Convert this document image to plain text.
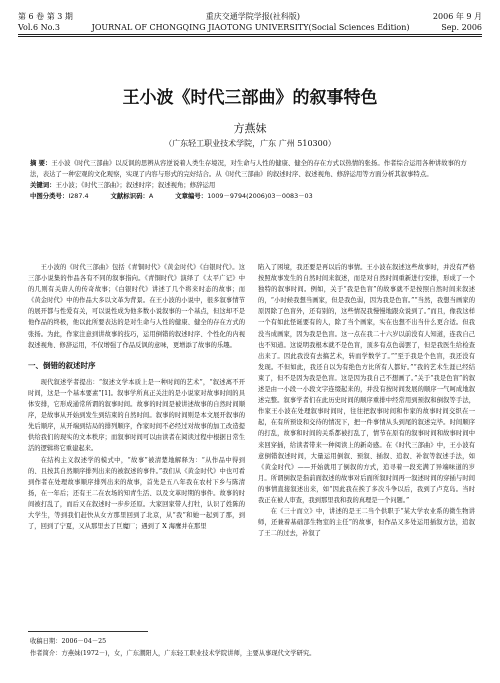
第 6 卷 第 3 期	重庆交通学院学报(社科版)	2006 年 9 月
Vol.6 No.3	JOURNAL OF CHONGQING JIAOTONG UNIVERSITY(Social Sciences Edition)	Sep. 2006
王小波《时代三部曲》的叙事特色
方燕妹
（广东轻工职业技术学院，广东 广州 510300）

摘 要：王小波《时代三部曲》以反讽的思辨从容逆说着人类生存境况，对生命与人性的健康、健全的存在方式以热情的张扬。作者综合运用各种讲故事的方法，表达了一种宏观的文化观察，实现了内容与形式的完好结合。从《时代三部曲》的叙述时序、叙述视角、修辞运用等方面分析其叙事特点。

关键词：王小波；《时代三部曲》；叙述时序；叙述视角；修辞运用

中图分类号：I287.4	文献标识码：A	文章编号：1009－9794(2006)03－0083－03

王小波的《时代三部曲》包括《青铜时代》《黄金时代》《白银时代》。这三部小说集的作品各有不同的叙事指向。《青铜时代》演绎了《太平广记》中的几则有关唐人的传奇故事；《白银时代》讲述了几个将来时态的故事；而《黄金时代》中的作品大多以文革为背景。在王小波的小说中，很多叙事情节的展开都与性爱有关，可以说性成为他多数小说叙事的一个基点，但这却不是他作品的终极，他以此所要表达的是对生命与人性的健康、健全的存在方式的张扬。为此，作家注意到讲故事的技巧，运用倒错的叙述时序、个性化的内视叙述视角、修辞运用，不仅增强了作品反讽的意味，更增添了故事的乐趣。

一、倒错的叙述时序

现代叙述学者提出：“叙述文学本质上是一种时间的艺术”，“叙述离不开时间，这是一个基本要素”[1]。叙事学所真正关注的是小说家对故事时间的具体安排，它形成通常所谓的叙事时间。故事的时间是被讲述故事的自然时间顺序，是故事从开始到发生到结束的自然时间。叙事的时间则是本文展开叙事的先后顺序，从开端到结局的排列顺序，作家时间不必经过对故事的加工改造提供给我们的现实的文本秩序；而叙事时间可以由读者在阅读过程中根据日常生活的逻辑将它重建起来。

在结构主义叙述学的模式中，“故事”被清楚地解释为：“从作品中得到的、且按其自然顺序排列出来的被叙述的事件。”我们从《黄金时代》中也可看到作者在处理故事顺序排列出来的故事，首先是五八年我在农村下乡与陈清扬，在一年后；还有王二在农场的知青生活、以及文革时期的事件。故事的时间被打乱了，而后又在叙述时一步步还原。大家回家带人打牡，认识了姓陈的大学生，等到我们赶快从女方那里回到了北京，从“我”和她一起到了那，到了，回到了宁夏，又从那里去了巨魔厂；遇到了 X 海鹰并在那里

陷入了困境，我还要是再以后的事情。王小波在叙述这些故事时，并没有严格按照故事发生的自然时间来叙述，而是对自然时间重新进行安排，形成了一个独特的叙事时间。例如，关于“我是色盲”的故事就不是按照自然时间来叙述的，“小时候我想当画家，但是我色弱，因为我是色盲。”“当然，我想当画家的原因除了色盲外，还有别的，这些情况我慢慢地跟众说到了。”而且，像我这样一个有如此怪诞要有的人，除了当个画家，实在也想不出当什么更合适。但我没当成画家，因为我是色盲。这一点在我二十六岁以前没有人知道，连我自己也不知道。这说明我根本就不是色盲，顶多有点色弱罢了，但是我医生给检查出来了。因此我没有去搞艺术，转而学数学了。”“至于我是个色盲，我还没有发现。不但如此，我还自以为有绝色方比所有人都好。”“我的艺术生涯已经结束了，但不是因为我是色盲。这是因为我自己不想画了。”关于“我是色盲”的叙述是由一小段一小段文字连缀起来的，并没有按时间发展的顺序一气呵成地叙述完整。叙事学者们在此历史时间的顺序重排中经常用到预叙和倒叙等手法，作家王小波在处理叙事时间时，往往把叙事时间和作家的故事时间交织在一起，在有所预设和交待的情况下，把一件事情从头到尾的叙述完毕。时间顺序的打乱，故事和时间的关系都被打乱了，情节在原有的叙事时间和故事时间中来回穿插，给读者带来一种阅读上的新奇感。在《时代三部曲》中，王小波有意倒错叙述时间，大量运用倒叙、预叙、插叙、追叙、补叙等叙述手法，如《黄金时代》——开始就用了倒叙的方式，追寻着一段充满了异端味道的岁月。所谓倒叙是指前面叙述的故事对后面所叙时间再一叙述时间的穿插与时间的事情直接叙述出来，如“因此我在挨了多次斗争以后，我到了卢克岛。当时我正在被人审查，我到那里我和我的真理是一个问题。”

在《三十而立》中，讲述的是王二当个供职于“某大学农业系的微生物讲师，还兼着基础部生物室的主任”的故事，但作品又多处运用插叙方法，追叙了王二的过去，补叙了

收稿日期：2006－04－25
作者简介：方燕妹(1972－)，女，广东潮阳人，广东轻工职业技术学院讲师，主要从事现代文学研究。
